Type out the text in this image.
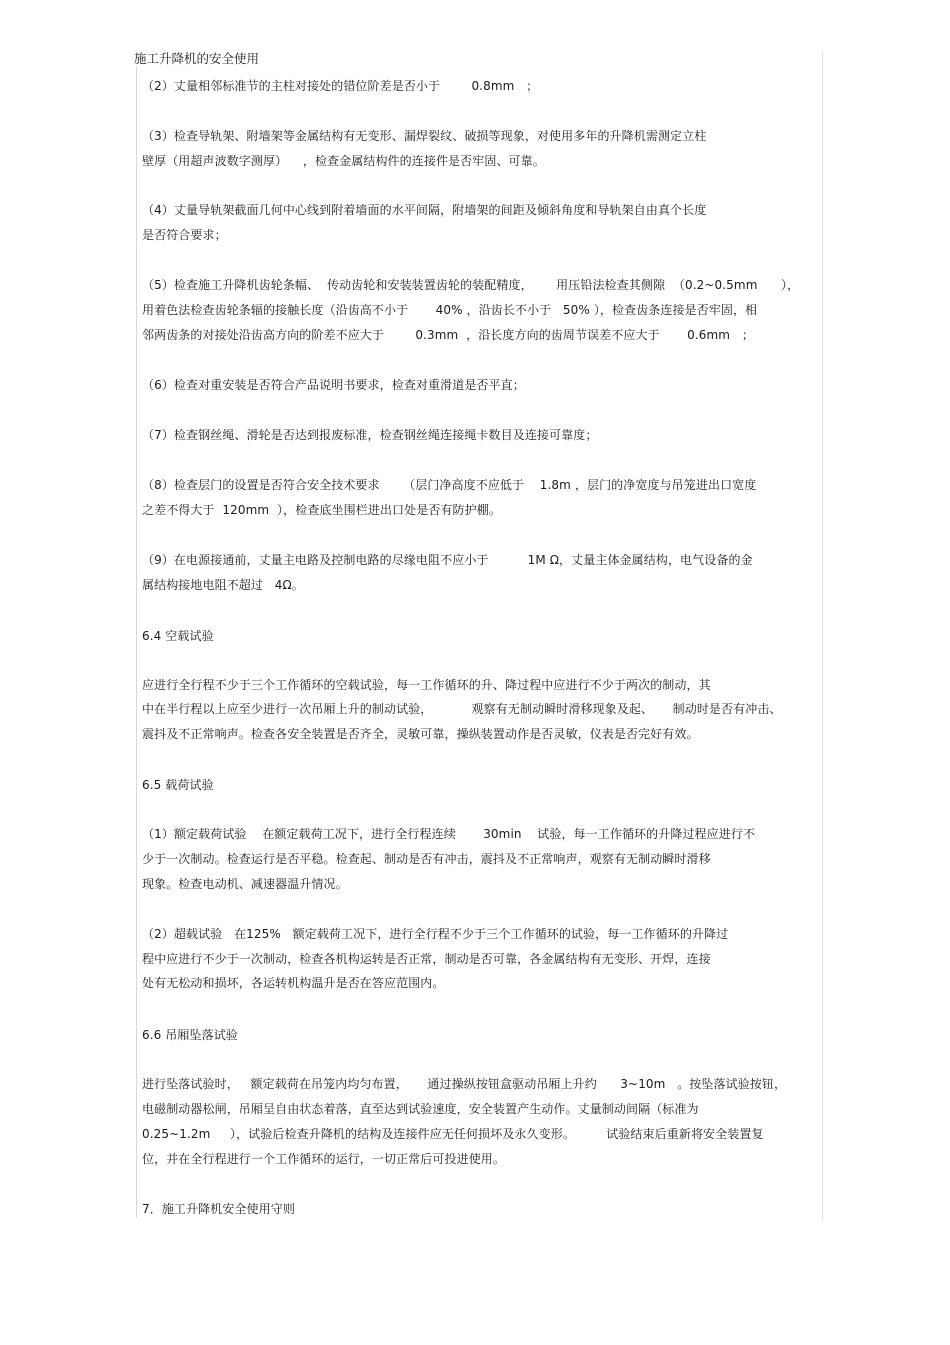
施工升降机的安全使用
（2）丈量相邻标准节的主柱对接处的错位阶差是否小于        0.8mm   ；
（3）检查导轨架、附墙架等金属结构有无变形、漏焊裂纹、破损等现象，对使用多年的升降机需测定立柱
壁厚（用超声波数字测厚）    ，检查金属结构件的连接件是否牢固、可靠。
（4）丈量导轨架截面几何中心线到附着墙面的水平间隔，附墙架的间距及倾斜角度和导轨架自由真个长度
是否符合要求；
（5）检查施工升降机齿轮条幅、  传动齿轮和安装装置齿轮的装配精度，      用压铅法检查其侧隙  （0.2~0.5mm      ），
用着色法检查齿轮条辐的接触长度（沿齿高不小于       40% ，沿齿长不小于   50% ），检查齿条连接是否牢固，相
邻两齿条的对接处沿齿高方向的阶差不应大于        0.3mm  ，沿长度方向的齿周节误差不应大于       0.6mm   ；
（6）检查对重安装是否符合产品说明书要求，检查对重滑道是否平直；
（7）检查钢丝绳、滑轮是否达到报废标准，检查钢丝绳连接绳卡数目及连接可靠度；
（8）检查层门的设置是否符合安全技术要求      （层门净高度不应低于    1.8m ，层门的净宽度与吊笼进出口宽度
之差不得大于  120mm  ），检查底坐围栏进出口处是否有防护棚。
（9）在电源接通前，丈量主电路及控制电路的尽缘电阻不应小于          1M Ω，丈量主体金属结构，电气设备的金
属结构接地电阻不超过   4Ω。
6.4 空载试验
应进行全行程不少于三个工作循环的空载试验，每一工作循环的升、降过程中应进行不少于两次的制动，其
中在半行程以上应至少进行一次吊厢上升的制动试验，          观察有无制动瞬时滑移现象及起、     制动时是否有冲击、
震抖及不正常响声。检查各安全装置是否齐全，灵敏可靠，操纵装置动作是否灵敏，仪表是否完好有效。
6.5 载荷试验
（1）额定载荷试验    在额定载荷工况下，进行全行程连续       30min    试验，每一工作循环的升降过程应进行不
少于一次制动。检查运行是否平稳。检查起、制动是否有冲击，震抖及不正常响声，观察有无制动瞬时滑移
现象。检查电动机、减速器温升情况。
（2）超载试验   在125%   额定载荷工况下，进行全行程不少于三个工作循环的试验，每一工作循环的升降过
程中应进行不少于一次制动，检查各机构运转是否正常，制动是否可靠，各金属结构有无变形、开焊，连接
处有无松动和损坏，各运转机构温升是否在答应范围内。
6.6 吊厢坠落试验
进行坠落试验时，   额定载荷在吊笼内均匀布置，     通过操纵按钮盒驱动吊厢上升约      3~10m   。按坠落试验按钮，
电磁制动器松闸，吊厢呈自由状态着落，直至达到试验速度，安全装置产生动作。丈量制动间隔（标准为
0.25~1.2m     ），试验后检查升降机的结构及连接件应无任何损坏及永久变形。        试验结束后重新将安全装置复
位，并在全行程进行一个工作循环的运行，一切正常后可投进使用。
7．施工升降机安全使用守则
